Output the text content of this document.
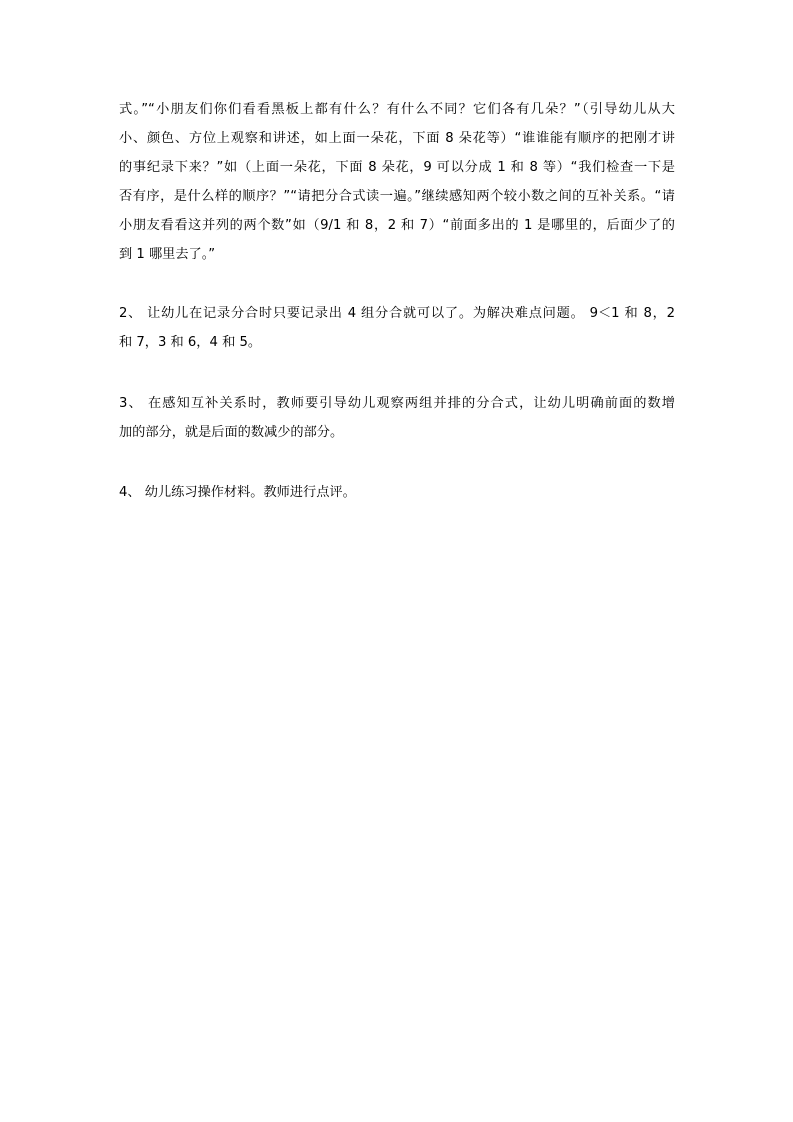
式。”“小朋友们你们看看黑板上都有什么？有什么不同？它们各有几朵？”（引导幼儿从大
小、颜色、方位上观察和讲述，如上面一朵花，下面 8 朵花等）“谁谁能有顺序的把刚才讲
的事纪录下来？”如（上面一朵花，下面 8 朵花，9 可以分成 1 和 8 等）“我们检查一下是
否有序，是什么样的顺序？”“请把分合式读一遍。”继续感知两个较小数之间的互补关系。“请
小朋友看看这并列的两个数”如（9/1 和 8，2 和 7）“前面多出的 1 是哪里的，后面少了的
到 1 哪里去了。”
2、 让幼儿在记录分合时只要记录出 4 组分合就可以了。为解决难点问题。 9＜1 和 8，2
和 7，3 和 6，4 和 5。
3、 在感知互补关系时，教师要引导幼儿观察两组并排的分合式，让幼儿明确前面的数增
加的部分，就是后面的数减少的部分。
4、 幼儿练习操作材料。教师进行点评。
